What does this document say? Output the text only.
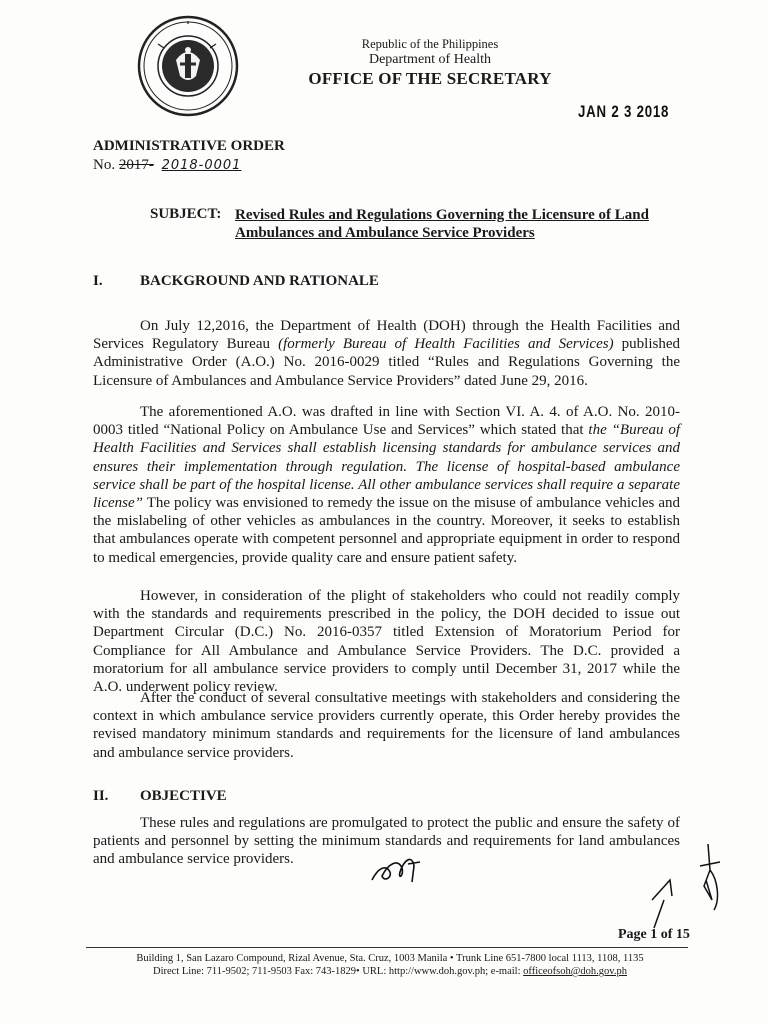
Republic of the Philippines
Department of Health
OFFICE OF THE SECRETARY
JAN 2 3 2018
ADMINISTRATIVE ORDER
No. 2017- 2018-0001
SUBJECT: Revised Rules and Regulations Governing the Licensure of Land Ambulances and Ambulance Service Providers
I. BACKGROUND AND RATIONALE

On July 12,2016, the Department of Health (DOH) through the Health Facilities and Services Regulatory Bureau (formerly Bureau of Health Facilities and Services) published Administrative Order (A.O.) No. 2016-0029 titled “Rules and Regulations Governing the Licensure of Ambulances and Ambulance Service Providers” dated June 29, 2016.

The aforementioned A.O. was drafted in line with Section VI. A. 4. of A.O. No. 2010-0003 titled “National Policy on Ambulance Use and Services” which stated that the “Bureau of Health Facilities and Services shall establish licensing standards for ambulance services and ensures their implementation through regulation. The license of hospital-based ambulance service shall be part of the hospital license. All other ambulance services shall require a separate license” The policy was envisioned to remedy the issue on the misuse of ambulance vehicles and the mislabeling of other vehicles as ambulances in the country. Moreover, it seeks to establish that ambulances operate with competent personnel and appropriate equipment in order to respond to medical emergencies, provide quality care and ensure patient safety.

However, in consideration of the plight of stakeholders who could not readily comply with the standards and requirements prescribed in the policy, the DOH decided to issue out Department Circular (D.C.) No. 2016-0357 titled Extension of Moratorium Period for Compliance for All Ambulance and Ambulance Service Providers. The D.C. provided a moratorium for all ambulance service providers to comply until December 31, 2017 while the A.O. underwent policy review.

After the conduct of several consultative meetings with stakeholders and considering the context in which ambulance service providers currently operate, this Order hereby provides the revised mandatory minimum standards and requirements for the licensure of land ambulances and ambulance service providers.

II. OBJECTIVE

These rules and regulations are promulgated to protect the public and ensure the safety of patients and personnel by setting the minimum standards and requirements for land ambulances and ambulance service providers.

Page 1 of 15
Building 1, San Lazaro Compound, Rizal Avenue, Sta. Cruz, 1003 Manila • Trunk Line 651-7800 local 1113, 1108, 1135
Direct Line: 711-9502; 711-9503 Fax: 743-1829• URL: http://www.doh.gov.ph; e-mail: officeofsoh@doh.gov.ph
